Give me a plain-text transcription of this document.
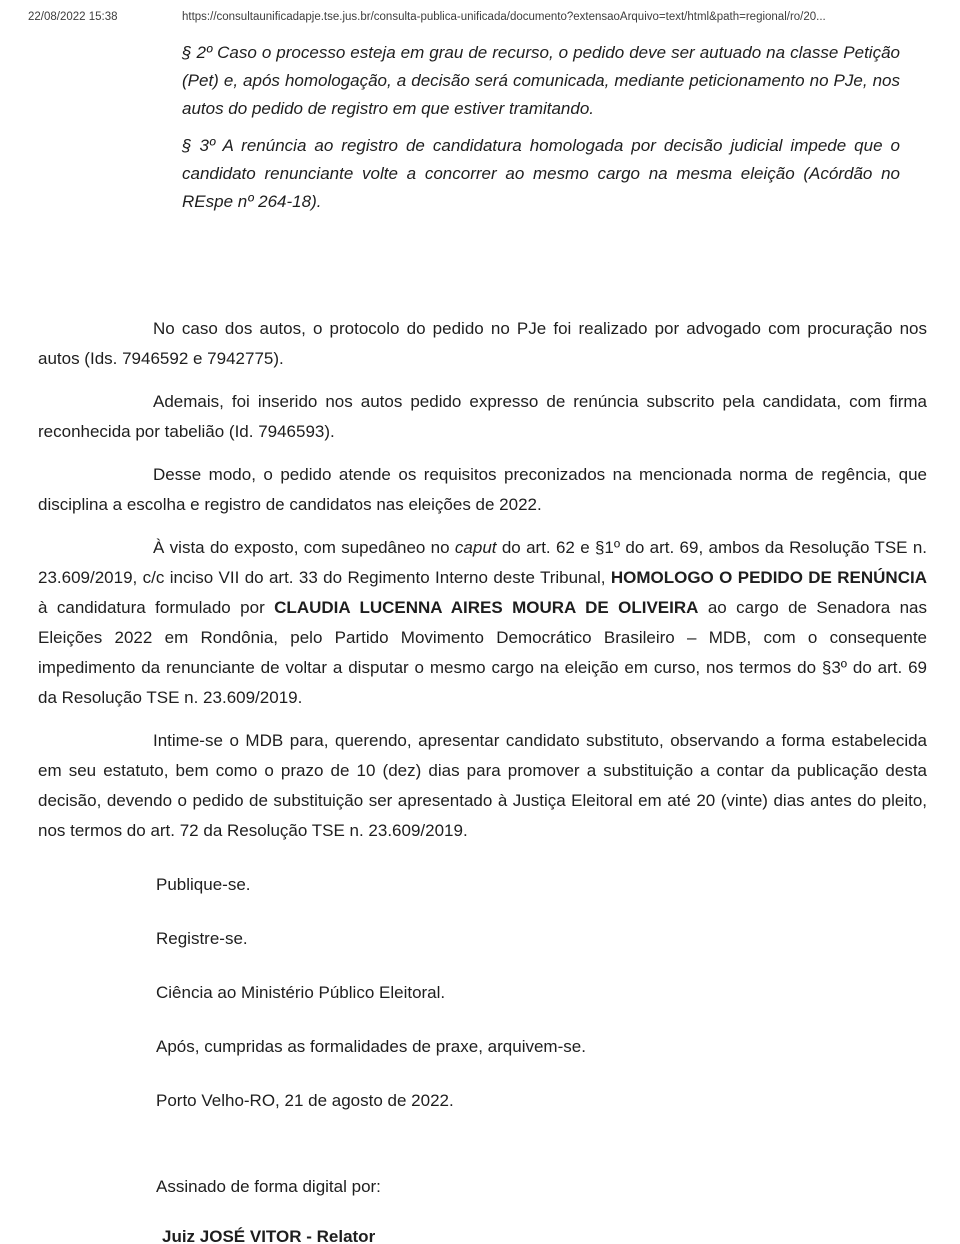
22/08/2022 15:38	https://consultaunificadapje.tse.jus.br/consulta-publica-unificada/documento?extensaoArquivo=text/html&path=regional/ro/20...

§ 2º Caso o processo esteja em grau de recurso, o pedido deve ser autuado na classe Petição (Pet) e, após homologação, a decisão será comunicada, mediante peticionamento no PJe, nos autos do pedido de registro em que estiver tramitando.

§ 3º A renúncia ao registro de candidatura homologada por decisão judicial impede que o candidato renunciante volte a concorrer ao mesmo cargo na mesma eleição (Acórdão no REspe nº 264-18).

No caso dos autos, o protocolo do pedido no PJe foi realizado por advogado com procuração nos autos (Ids. 7946592 e 7942775).

Ademais, foi inserido nos autos pedido expresso de renúncia subscrito pela candidata, com firma reconhecida por tabelião (Id. 7946593).

Desse modo, o pedido atende os requisitos preconizados na mencionada norma de regência, que disciplina a escolha e registro de candidatos nas eleições de 2022.

À vista do exposto, com supedâneo no caput do art. 62 e §1º do art. 69, ambos da Resolução TSE n. 23.609/2019, c/c inciso VII do art. 33 do Regimento Interno deste Tribunal, HOMOLOGO O PEDIDO DE RENÚNCIA à candidatura formulado por CLAUDIA LUCENNA AIRES MOURA DE OLIVEIRA ao cargo de Senadora nas Eleições 2022 em Rondônia, pelo Partido Movimento Democrático Brasileiro – MDB, com o consequente impedimento da renunciante de voltar a disputar o mesmo cargo na eleição em curso, nos termos do §3º do art. 69 da Resolução TSE n. 23.609/2019.

Intime-se o MDB para, querendo, apresentar candidato substituto, observando a forma estabelecida em seu estatuto, bem como o prazo de 10 (dez) dias para promover a substituição a contar da publicação desta decisão, devendo o pedido de substituição ser apresentado à Justiça Eleitoral em até 20 (vinte) dias antes do pleito, nos termos do art. 72 da Resolução TSE n. 23.609/2019.

Publique-se.

Registre-se.

Ciência ao Ministério Público Eleitoral.

Após, cumpridas as formalidades de praxe, arquivem-se.

Porto Velho-RO, 21 de agosto de 2022.

Assinado de forma digital por:

Juiz JOSÉ VITOR - Relator
